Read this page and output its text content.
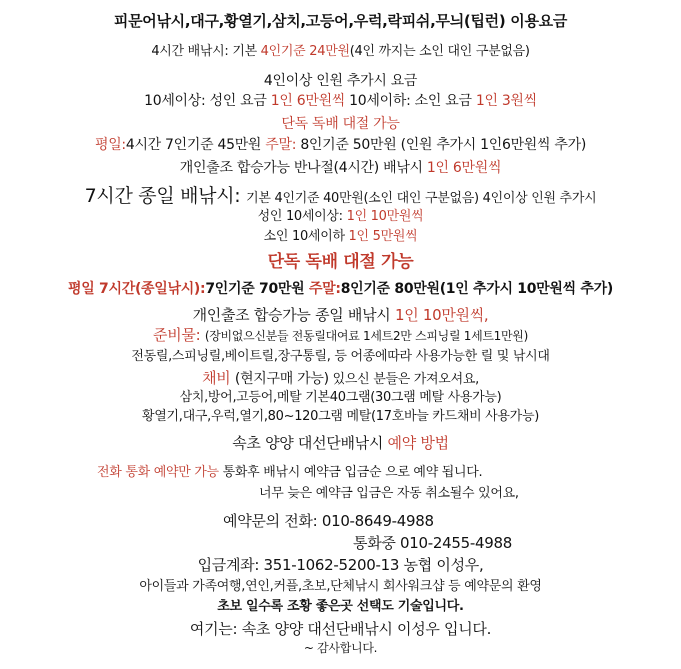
피문어낚시,대구,황열기,삼치,고등어,우럭,락피쉬,무늬(팁런) 이용요금
4시간 배낚시: 기본 4인기준 24만원(4인 까지는 소인 대인 구분없음)
4인이상 인원 추가시 요금
10세이상: 성인 요금 1인 6만원씩 10세이하: 소인 요금 1인 3원씩
단독 독배 대절 가능
평일:4시간 7인기준 45만원 주말: 8인기준 50만원 (인원 추가시 1인6만원씩 추가)
개인출조 합승가능 반나절(4시간) 배낚시 1인 6만원씩
7시간 종일 배낚시: 기본 4인기준 40만원(소인 대인 구분없음) 4인이상 인원 추가시
성인 10세이상: 1인 10만원씩
소인 10세이하 1인 5만원씩
단독 독배 대절 가능
평일 7시간(종일낚시):7인기준 70만원 주말:8인기준 80만원(1인 추가시 10만원씩 추가)
개인출조 합승가능 종일 배낚시 1인 10만원씩,
준비물: (장비없으신분들 전동릴대여료 1세트2만 스피닝릴 1세트1만원)
전동릴,스피닝릴,베이트릴,장구통릴, 등 어종에따라 사용가능한 릴 및 낚시대
채비 (현지구매 가능) 있으신 분들은 가져오셔요,
삼치,방어,고등어,메탈 기본40그램(30그램 메탈 사용가능)
황열기,대구,우럭,열기,80~120그램 메탈(17호바늘 카드채비 사용가능)
속초 양양 대선단배낚시 예약 방법
전화 통화 예약만 가능 통화후 배낚시 예약금 입금순 으로 예약 됩니다.
너무 늦은 예약금 입금은 자동 취소될수 있어요,
예약문의 전화: 010-8649-4988
통화중 010-2455-4988
입금계좌: 351-1062-5200-13 농협 이성우,
아이들과 가족여행,연인,커플,초보,단체낚시 회사워크샵 등 예약문의 환영
초보 일수록 조황 좋은곳 선택도 기술입니다.
여기는: 속초 양양 대선단배낚시 이성우 입니다.
~ 감사합니다.
